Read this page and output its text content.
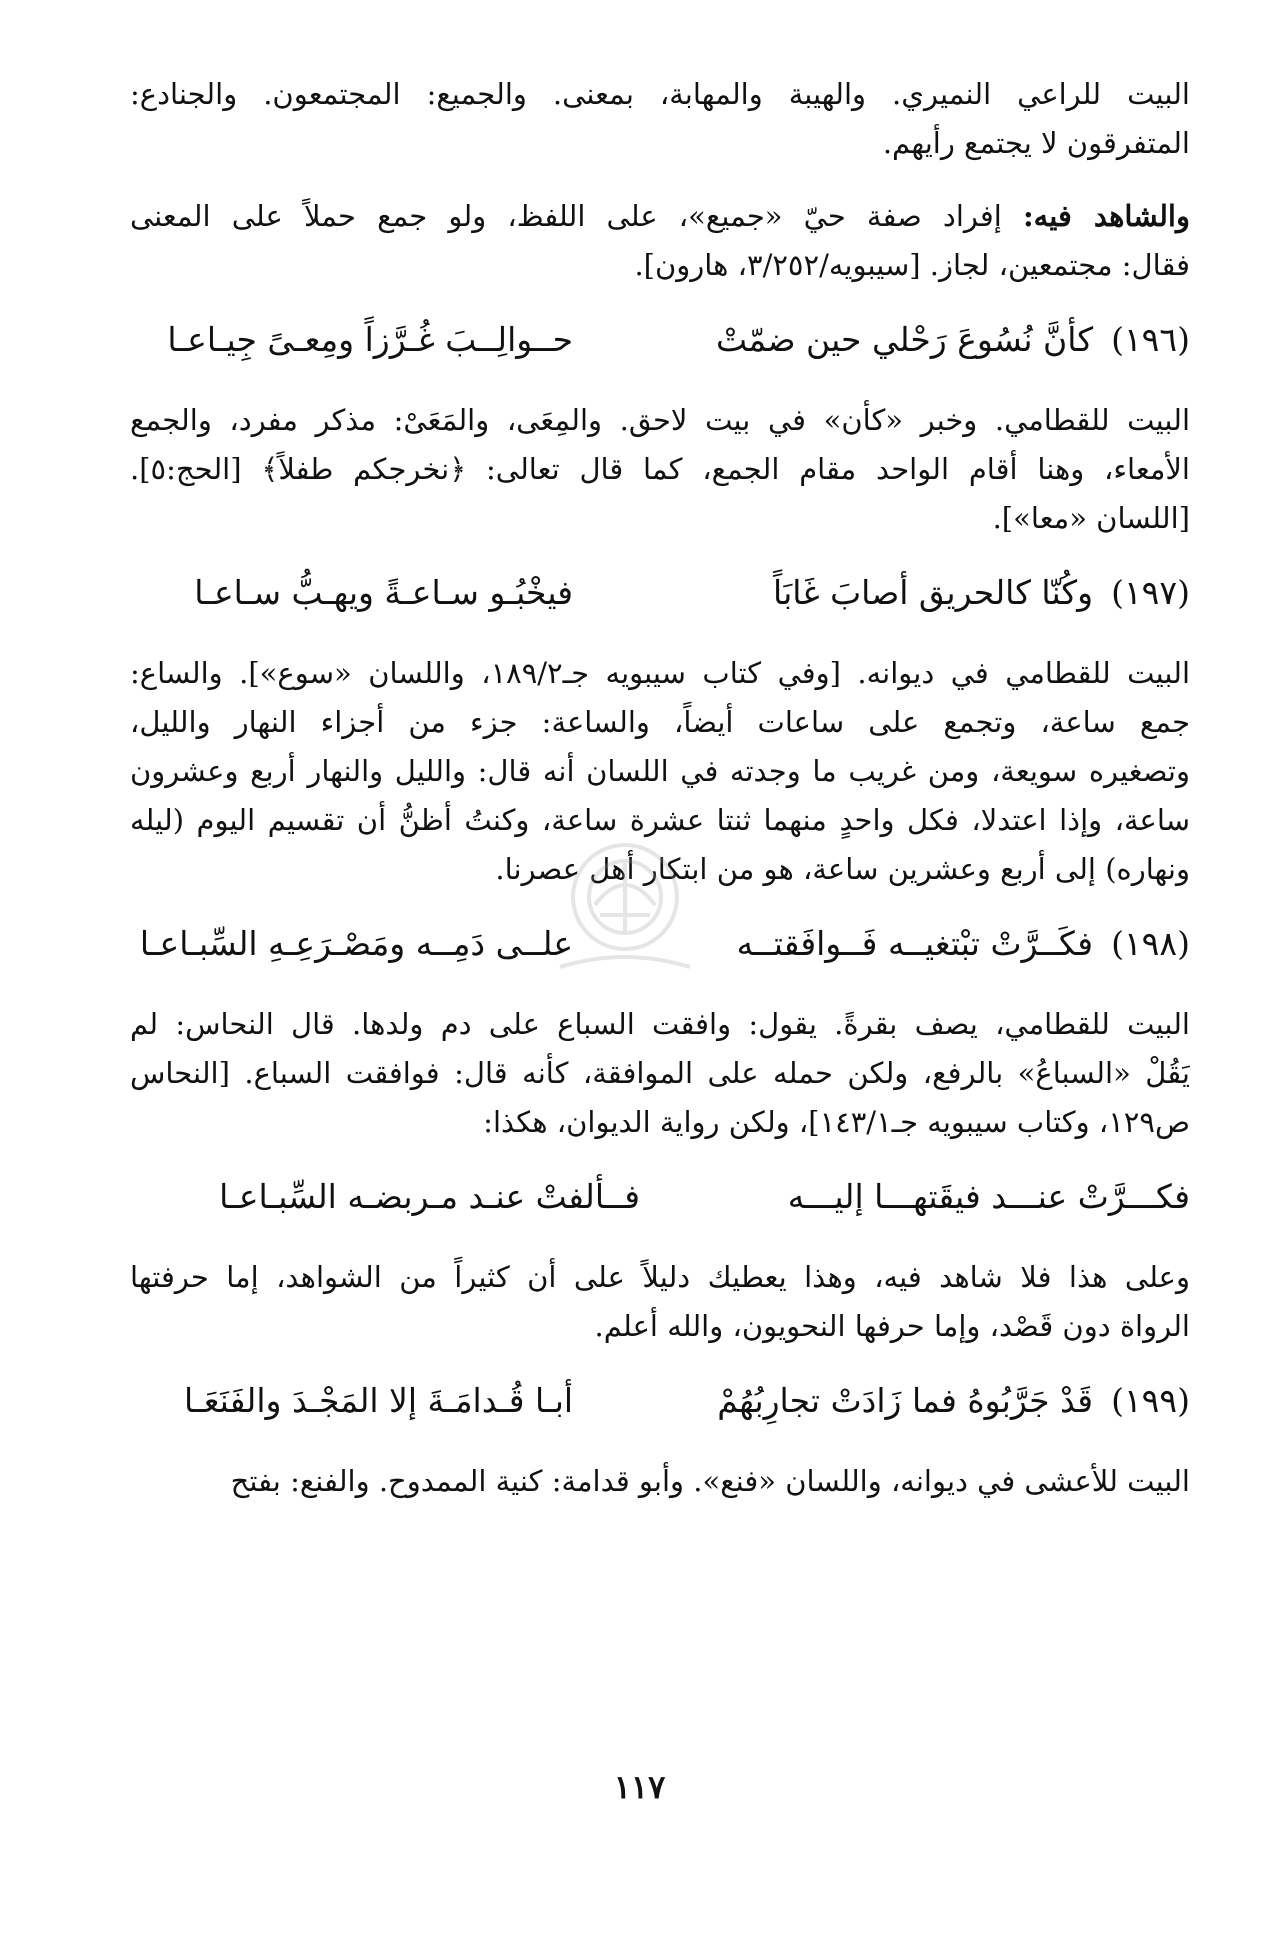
البيت للراعي النميري. والهيبة والمهابة، بمعنى. والجميع: المجتمعون. والجنادع:
المتفرقون لا يجتمع رأيهم.
والشاهد فيه: إفراد صفة حيّ «جميع»، على اللفظ، ولو جمع حملاً على المعنى
فقال: مجتمعين، لجاز. [سيبويه/٣/٢٥٢، هارون].
(١٩٦)
كأنَّ نُسُوعَ رَحْلي حين ضمّتْ
حــوالِــبَ غُـرَّزاً ومِعـىً جِيـاعـا
البيت للقطامي. وخبر «كأن» في بيت لاحق. والمِعَى، والمَعَىْ: مذكر مفرد، والجمع
الأمعاء، وهنا أقام الواحد مقام الجمع، كما قال تعالى: ﴿نخرجكم طفلاً﴾ [الحج:٥].
[اللسان «معا»].
(١٩٧)
وكُنّا كالحريق أصابَ غَابَاً
فيخْبُـو سـاعـةً ويهـبُّ سـاعـا
البيت للقطامي في ديوانه. [وفي كتاب سيبويه جـ١٨٩/٢، واللسان «سوع»]. والساع:
جمع ساعة، وتجمع على ساعات أيضاً، والساعة: جزء من أجزاء النهار والليل،
وتصغيره سويعة، ومن غريب ما وجدته في اللسان أنه قال: والليل والنهار أربع وعشرون
ساعة، وإذا اعتدلا، فكل واحدٍ منهما ثنتا عشرة ساعة، وكنتُ أظنُّ أن تقسيم اليوم (ليله
ونهاره) إلى أربع وعشرين ساعة، هو من ابتكار أهل عصرنا.
(١٩٨)
فكَــرَّتْ تبْتغيــه فَــوافَقتــه
علــى دَمِــه ومَصْـرَعِـهِ السِّبـاعـا
البيت للقطامي، يصف بقرةً. يقول: وافقت السباع على دم ولدها. قال النحاس: لم
يَقُلْ «السباعُ» بالرفع، ولكن حمله على الموافقة، كأنه قال: فوافقت السباع. [النحاس
ص١٢٩، وكتاب سيبويه جـ١٤٣/١]، ولكن رواية الديوان، هكذا:
فكـــرَّتْ عنـــد فيقَتهـــا إليـــه
فــألفتْ عنـد مـربضـه السِّبـاعـا
وعلى هذا فلا شاهد فيه، وهذا يعطيك دليلاً على أن كثيراً من الشواهد، إما حرفتها
الرواة دون قَصْد، وإما حرفها النحويون، والله أعلم.
(١٩٩)
قَدْ جَرَّبُوهُ فما زَادَتْ تجارِبُهُمْ
أبـا قُـدامَـةَ إلا المَجْـدَ والفَنَعَـا
البيت للأعشى في ديوانه، واللسان «فنع». وأبو قدامة: كنية الممدوح. والفنع: بفتح
١١٧
